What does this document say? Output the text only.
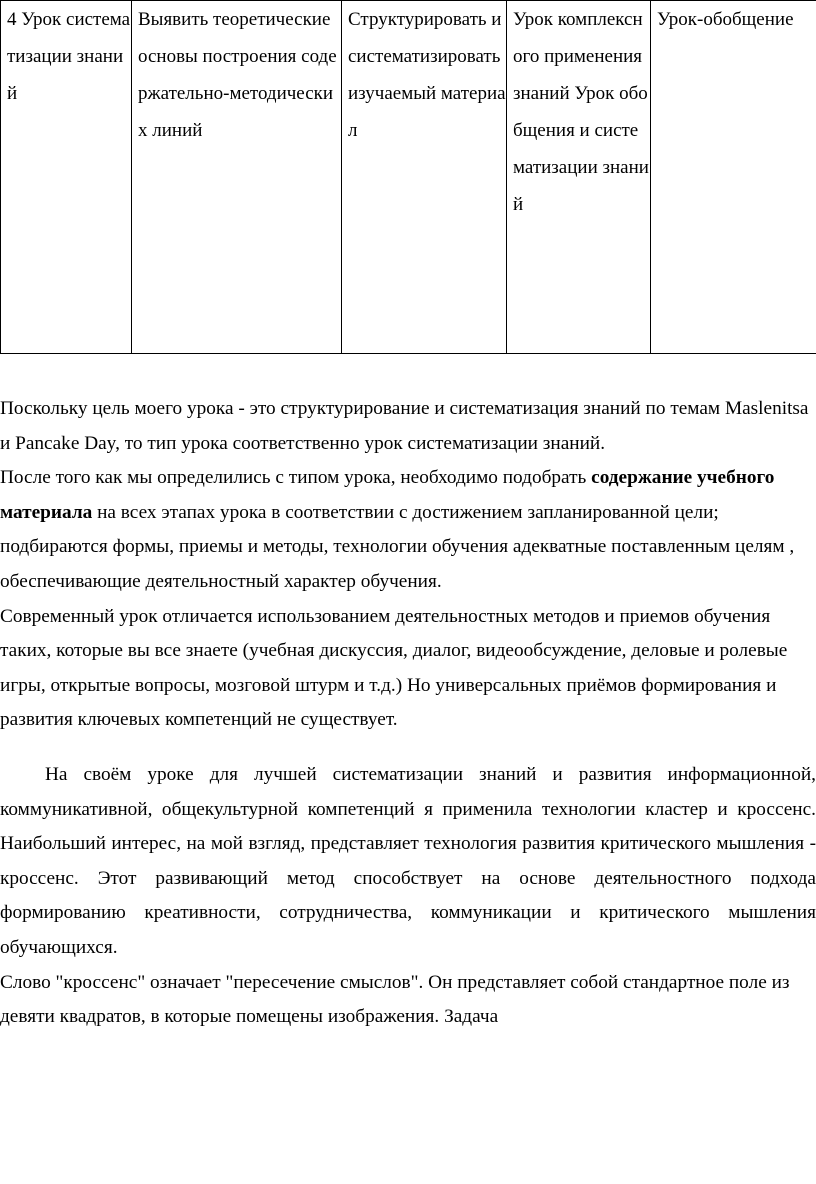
4 Урок систематизации знаний	Выявить теоретические основы построения содержательно-методических линий	Структурировать и систематизировать изучаемый материал	Урок комплексного применения знаний Урок обобщения и систематизации знаний	Урок-обобщение

Поскольку цель моего урока - это структурирование и систематизация знаний по темам Maslenitsa и Pancake Day, то тип урока соответственно урок систематизации знаний.

После того как мы определились с типом урока, необходимо подобрать содержание учебного материала на всех этапах урока в соответствии с достижением запланированной цели; подбираются формы, приемы и методы, технологии обучения адекватные поставленным целям , обеспечивающие деятельностный характер обучения.

Современный урок отличается использованием деятельностных методов и приемов обучения таких, которые вы все знаете (учебная дискуссия, диалог, видеообсуждение, деловые и ролевые игры, открытые вопросы, мозговой штурм и т.д.) Но универсальных приёмов формирования и развития ключевых компетенций не существует.

На своём уроке для лучшей систематизации знаний и развития информационной, коммуникативной, общекультурной компетенций я применила технологии кластер и кроссенс. Наибольший интерес, на мой взгляд, представляет технология развития критического мышления - кроссенс. Этот развивающий метод способствует на основе деятельностного подхода формированию креативности, сотрудничества, коммуникации и критического мышления обучающихся.

Слово "кроссенс" означает "пересечение смыслов". Он представляет собой стандартное поле из девяти квадратов, в которые помещены изображения. Задача
